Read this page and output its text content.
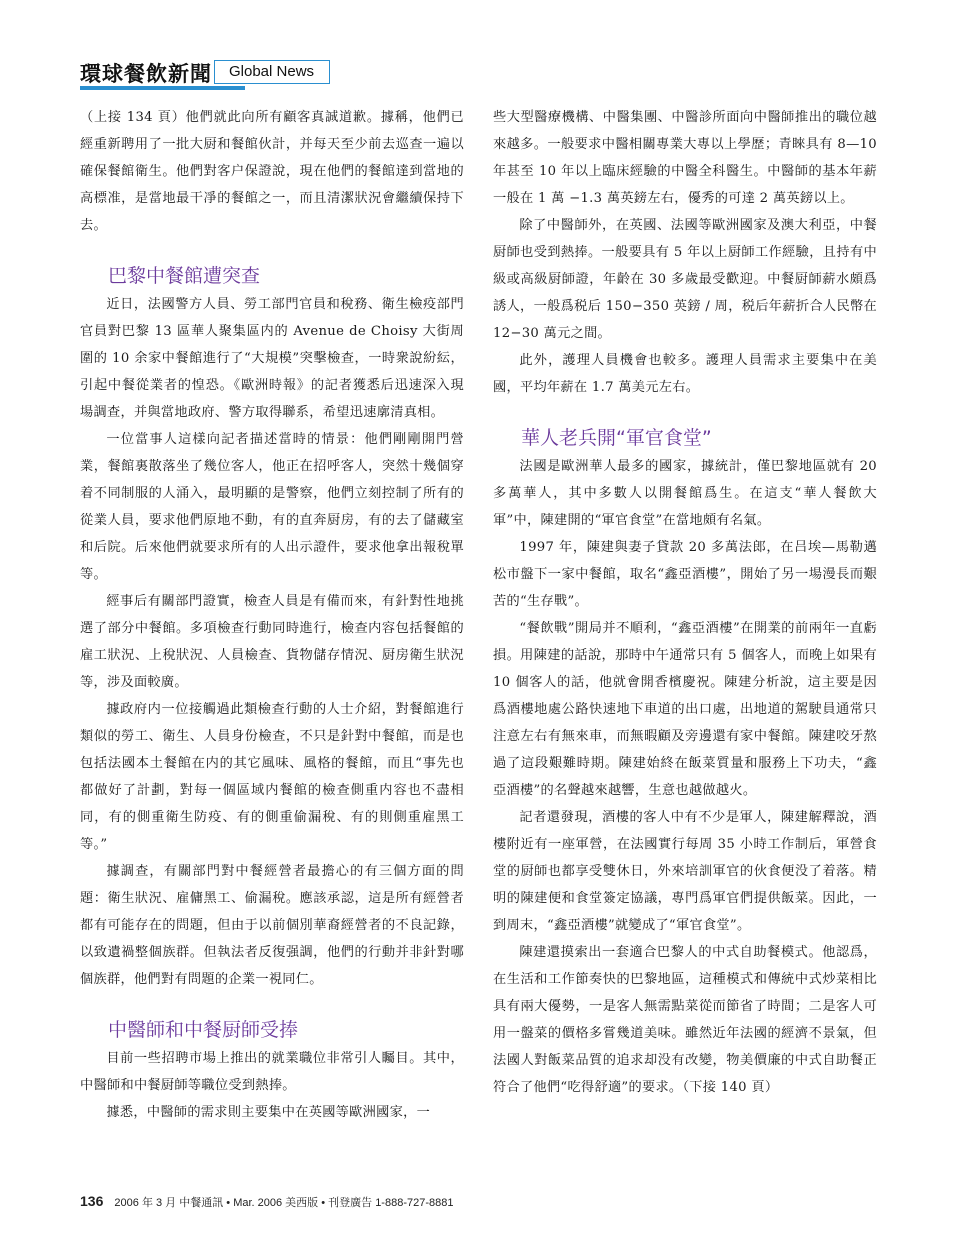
環球餐飲新聞	Global News

（上接 134 頁）他們就此向所有顧客真誠道歉。據稱，他們已經重新聘用了一批大厨和餐館伙計，并每天至少前去巡查一遍以確保餐館衛生。他們對客户保證說，現在他們的餐館達到當地的高標准，是當地最干凈的餐館之一，而且清潔狀況會繼續保持下去。

巴黎中餐館遭突查

近日，法國警方人員、勞工部門官員和稅務、衛生檢疫部門官員對巴黎 13 區華人聚集區内的 Avenue de Choisy 大街周圍的 10 余家中餐館進行了“大規模”突擊檢查，一時衆說紛紜，引起中餐從業者的惶恐。《歐洲時報》的記者獲悉后迅速深入現場調查，并與當地政府、警方取得聯系，希望迅速廓清真相。

一位當事人這樣向記者描述當時的情景：他們剛剛開門營業，餐館裏散落坐了幾位客人，他正在招呼客人，突然十幾個穿着不同制服的人涌入，最明顯的是警察，他們立刻控制了所有的從業人員，要求他們原地不動，有的直奔厨房，有的去了儲藏室和后院。后來他們就要求所有的人出示證件，要求他拿出報稅單等。

經事后有關部門證實，檢查人員是有備而來，有針對性地挑選了部分中餐館。多項檢查行動同時進行，檢查内容包括餐館的雇工狀況、上稅狀況、人員檢查、貨物儲存情況、厨房衛生狀況等，涉及面較廣。

據政府内一位接觸過此類檢查行動的人士介紹，對餐館進行類似的勞工、衛生、人員身份檢查，不只是針對中餐館，而是也包括法國本土餐館在内的其它風味、風格的餐館，而且“事先也都做好了計劃，對每一個區域内餐館的檢查側重内容也不盡相同，有的側重衛生防疫、有的側重偷漏稅、有的則側重雇黑工等。”

據調查，有關部門對中餐經營者最擔心的有三個方面的問題：衛生狀況、雇傭黑工、偷漏稅。應該承認，這是所有經營者都有可能存在的問題，但由于以前個別華裔經營者的不良記錄，以致遺禍整個族群。但執法者反復强調，他們的行動并非針對哪個族群，他們對有問題的企業一視同仁。

中醫師和中餐厨師受捧

目前一些招聘市場上推出的就業職位非常引人矚目。其中，中醫師和中餐厨師等職位受到熱捧。

據悉，中醫師的需求則主要集中在英國等歐洲國家，一

些大型醫療機構、中醫集團、中醫診所面向中醫師推出的職位越來越多。一般要求中醫相關專業大專以上學歷；青睞具有 8—10 年甚至 10 年以上臨床經驗的中醫全科醫生。中醫師的基本年薪一般在 1 萬 −1.3 萬英鎊左右，優秀的可達 2 萬英鎊以上。

除了中醫師外，在英國、法國等歐洲國家及澳大利亞，中餐厨師也受到熱捧。一般要具有 5 年以上厨師工作經驗，且持有中級或高級厨師證，年齡在 30 多歲最受歡迎。中餐厨師薪水頗爲誘人，一般爲税后 150−350 英鎊 / 周，税后年薪折合人民幣在 12−30 萬元之間。

此外，護理人員機會也較多。護理人員需求主要集中在美國，平均年薪在 1.7 萬美元左右。

華人老兵開“軍官食堂”

法國是歐洲華人最多的國家，據統計，僅巴黎地區就有 20 多萬華人，其中多數人以開餐館爲生。在這支“華人餐飲大軍”中，陳建開的“軍官食堂”在當地頗有名氣。

1997 年，陳建與妻子貸款 20 多萬法郎，在吕埃—馬勒邁松市盤下一家中餐館，取名“鑫亞酒樓”，開始了另一場漫長而艱苦的“生存戰”。

“餐飲戰”開局并不順利，“鑫亞酒樓”在開業的前兩年一直虧損。用陳建的話說，那時中午通常只有 5 個客人，而晚上如果有 10 個客人的話，他就會開香檳慶祝。陳建分析說，這主要是因爲酒樓地處公路快速地下車道的出口處，出地道的駕駛員通常只注意左右有無來車，而無暇顧及旁邊還有家中餐館。陳建咬牙熬過了這段艱難時期。陳建始終在飯菜質量和服務上下功夫，“鑫亞酒樓”的名聲越來越響，生意也越做越火。

記者還發現，酒樓的客人中有不少是軍人，陳建解釋說，酒樓附近有一座軍營，在法國實行每周 35 小時工作制后，軍營食堂的厨師也都享受雙休日，外來培訓軍官的伙食便没了着落。精明的陳建便和食堂簽定協議，專門爲軍官們提供飯菜。因此，一到周末，“鑫亞酒樓”就變成了“軍官食堂”。

陳建還摸索出一套適合巴黎人的中式自助餐模式。他認爲，在生活和工作節奏快的巴黎地區，這種模式和傳統中式炒菜相比具有兩大優勢，一是客人無需點菜從而節省了時間；二是客人可用一盤菜的價格多嘗幾道美味。雖然近年法國的經濟不景氣，但法國人對飯菜品質的追求却没有改變，物美價廉的中式自助餐正符合了他們“吃得舒適”的要求。（下接 140 頁）

136 2006 年 3 月 中餐通訊 • Mar. 2006 美西版 • 刊登廣告 1-888-727-8881
